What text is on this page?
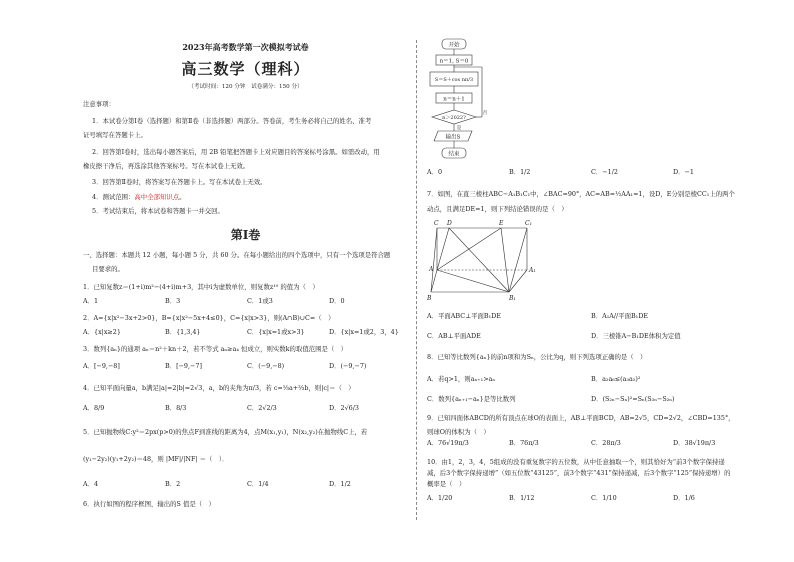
2023年高考数学第一次模拟考试卷
高三数学（理科）
（考试时间：120 分钟　试卷满分：150 分）
注意事项：
1．本试卷分第Ⅰ卷（选择题）和第Ⅱ卷（非选择题）两部分。答卷前，考生务必将自己的姓名、准考
证号填写在答题卡上。
2．回答第Ⅰ卷时，选出每小题答案后，用 2B 铅笔把答题卡上对应题目的答案标号涂黑。如需改动，用
橡皮擦干净后，再选涂其他答案标号。写在本试卷上无效。
3．回答第Ⅱ卷时，将答案写在答题卡上。写在本试卷上无效。
4．测试范围：高中全部知识点。
5．考试结束后，将本试卷和答题卡一并交回。
第Ⅰ卷
一、选择题：本题共 12 小题，每小题 5 分，共 60 分。在每小题给出的四个选项中，只有一个选项是符合题
目要求的。
1．已知复数z＝(1+i)m²−(4+i)m+3，其中i为虚数单位，则复数z¹⁰ 的值为（　）
A．1	B．3	C．1或3	D．0
2．A={x|x²−3x+2>0}，B={x|x²−5x+4≤0}，C={x|x>3}，则(A∩B)∪C=（　）
A．{x|x≥2}	B．{1,3,4}	C．{x|x=1或x>3}	D．{x|x=1或2，3，4}
3．数列{aₙ}的通项 aₙ＝n²＋kn＋2，若不等式 aₙ≥a₄ 恒成立，则实数k的取值范围是（　）
A．[−9,−8]	B．[−9,−7]	C．(−9,−8)	D．(−9,−7)
4．已知平面向量a，b满足|a|=2|b|=2√3，a，b的夹角为π/3，若 c=⅓a+⅔b，则|c|＝（　）
A．8/9	B．8/3	C．2√2/3	D．2√6/3
5．已知抛物线C:y²＝2px(p>0)的焦点F到准线的距离为4，点M(x₁,y₁)，N(x₂,y₂)在抛物线C上，若
(y₁−2y₂)(y₁+2y₂)＝48，则 |MF|/|NF| ＝（　）．
A．4	B．2	C．1/4	D．1/2
6．执行如图的程序框图，输出的S 值是（　）
开始
n＝1, S＝0
S＝S＋cos nπ/3
n＝n＋1
n＞2022?
否
是
输出S
结束
A．0	B．1/2	C．−1/2	D．−1
7．如图，在直三棱柱ABC−A₁B₁C₁中，∠BAC=90°，AC=AB=½AA₁=1，设D，E分别是棱CC₁上的两个
动点，且满足DE=1，则下列结论错误的是（　）
C D	E	C₁
A	A₁
B	B₁
A．平面ABC⊥平面B₁DE	B．A₁A//平面B₁DE
C．AB⊥平面ADE	D．三棱锥A−B₁DE体积为定值
8．已知等比数列{aₙ}的前n项和为Sₙ，公比为q，则下列选项正确的是（　）
A．若q>1，则aₙ₊₁>aₙ	B．a₂a₆≤(a₃a₅)²
C．数列{aₙ₊₁−aₙ}是等比数列	D．(S₂ₙ−Sₙ)²=Sₙ(S₃ₙ−S₂ₙ)
9．已知四面体ABCD的所有顶点在球O的表面上，AB⊥平面BCD，AB=2√5，CD=2√2，∠CBD=135°，
则球O的体积为（　）
A．76√19π/3	B．76π/3	C．28π/3	D．38√19π/3
10．由1，2，3，4，5组成的没有重复数字的五位数，从中任意抽取一个，则其恰好为“前3个数字保持递
减，后3个数字保持递增”（如五位数“43125”，前3个数字“431”保持递减，后3个数字“125”保持递增）的
概率是（　）
A．1/20	B．1/12	C．1/10	D．1/6
